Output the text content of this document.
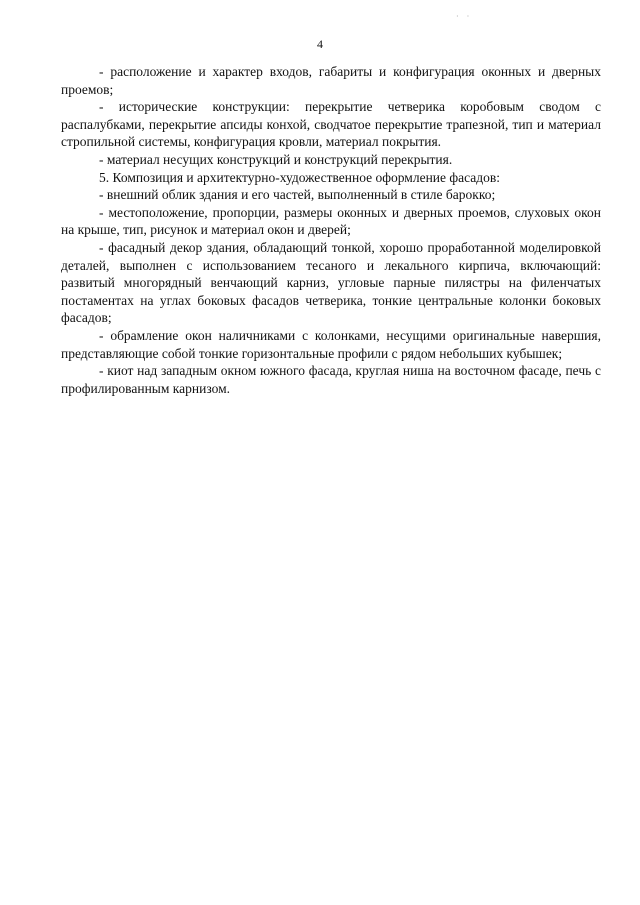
· ·
4

- расположение и характер входов, габариты и конфигурация оконных и дверных проемов;

- исторические конструкции: перекрытие четверика коробовым сводом с распалубками, перекрытие апсиды конхой, сводчатое перекрытие трапезной, тип и материал стропильной системы, конфигурация кровли, материал покрытия.

- материал несущих конструкций и конструкций перекрытия.

5. Композиция и архитектурно-художественное оформление фасадов:

- внешний облик здания и его частей, выполненный в стиле барокко;

- местоположение, пропорции, размеры оконных и дверных проемов, слуховых окон на крыше, тип, рисунок и материал окон и дверей;

- фасадный декор здания, обладающий тонкой, хорошо проработанной моделировкой деталей, выполнен с использованием тесаного и лекального кирпича, включающий: развитый многорядный венчающий карниз, угловые парные пилястры на филенчатых постаментах на углах боковых фасадов четверика, тонкие центральные колонки боковых фасадов;

- обрамление окон наличниками с колонками, несущими оригинальные навершия, представляющие собой тонкие горизонтальные профили с рядом небольших кубышек;

- киот над западным окном южного фасада, круглая ниша на восточном фасаде, печь с профилированным карнизом.
